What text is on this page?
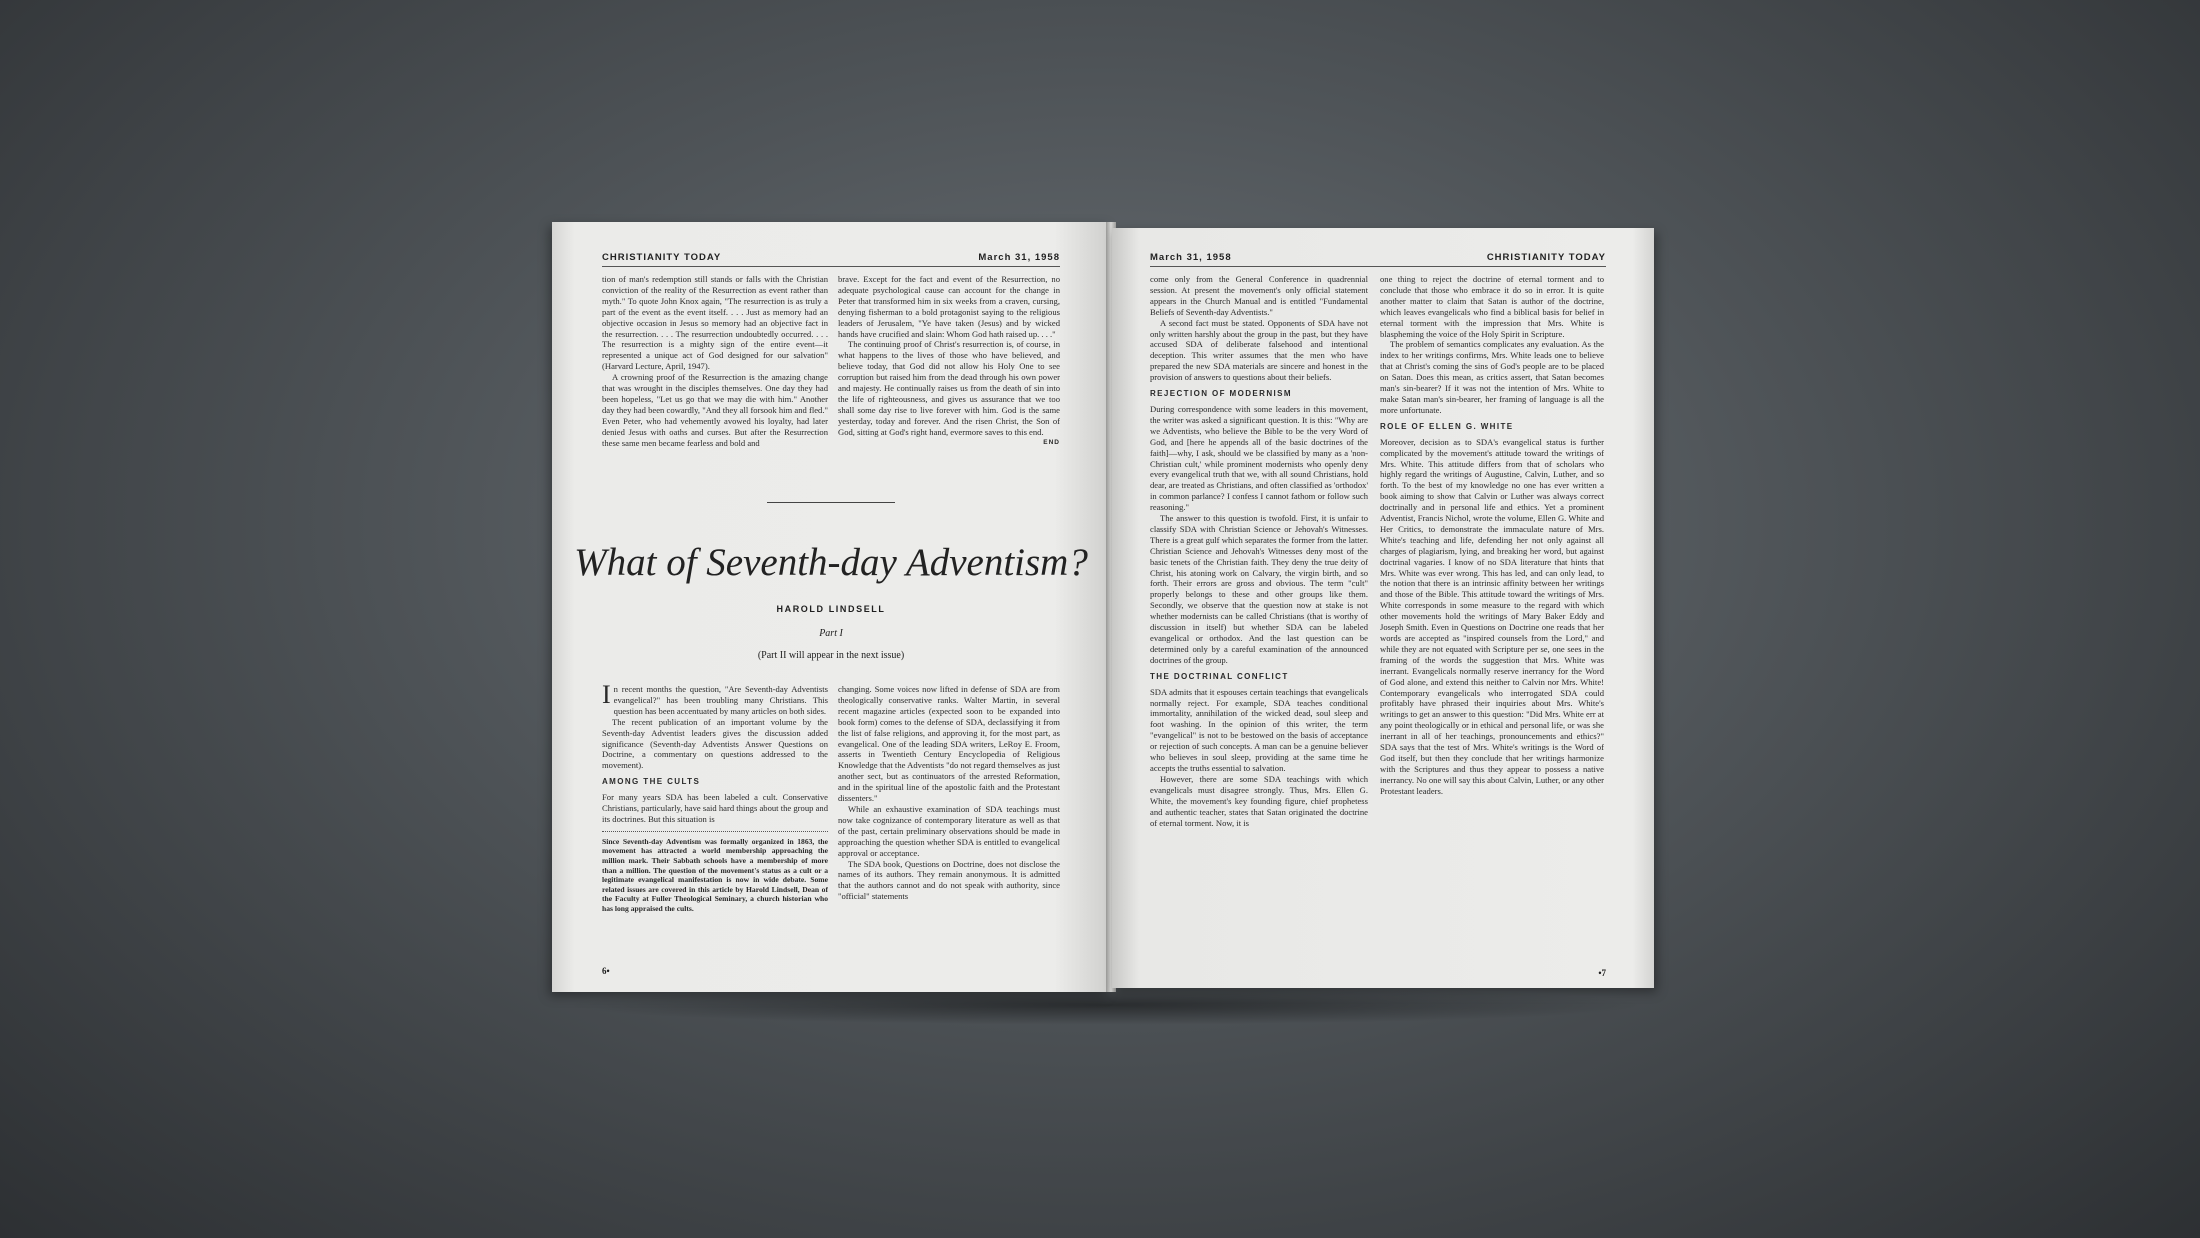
CHRISTIANITY TODAY	March 31, 1958

tion of man's redemption still stands or falls with the Christian conviction of the reality of the Resurrection as event rather than myth." To quote John Knox again, "The resurrection is as truly a part of the event as the event itself. . . . Just as memory had an objective occasion in Jesus so memory had an objective fact in the resurrection. . . . The resurrection undoubtedly occurred. . . . The resurrection is a mighty sign of the entire event—it represented a unique act of God designed for our salvation" (Harvard Lecture, April, 1947).

A crowning proof of the Resurrection is the amazing change that was wrought in the disciples themselves. One day they had been hopeless, "Let us go that we may die with him." Another day they had been cowardly, "And they all forsook him and fled." Even Peter, who had vehemently avowed his loyalty, had later denied Jesus with oaths and curses. But after the Resurrection these same men became fearless and bold and

brave. Except for the fact and event of the Resurrection, no adequate psychological cause can account for the change in Peter that transformed him in six weeks from a craven, cursing, denying fisherman to a bold protagonist saying to the religious leaders of Jerusalem, "Ye have taken (Jesus) and by wicked hands have crucified and slain: Whom God hath raised up. . . ."

The continuing proof of Christ's resurrection is, of course, in what happens to the lives of those who have believed, and believe today, that God did not allow his Holy One to see corruption but raised him from the dead through his own power and majesty. He continually raises us from the death of sin into the life of righteousness, and gives us assurance that we too shall some day rise to live forever with him. God is the same yesterday, today and forever. And the risen Christ, the Son of God, sitting at God's right hand, evermore saves to this end.

END
What of Seventh-day Adventism?
HAROLD LINDSELL
Part I
(Part II will appear in the next issue)

In recent months the question, "Are Seventh-day Adventists evangelical?" has been troubling many Christians. This question has been accentuated by many articles on both sides.

The recent publication of an important volume by the Seventh-day Adventist leaders gives the discussion added significance (Seventh-day Adventists Answer Questions on Doctrine, a commentary on questions addressed to the movement).

AMONG THE CULTS

For many years SDA has been labeled a cult. Conservative Christians, particularly, have said hard things about the group and its doctrines. But this situation is

Since Seventh-day Adventism was formally organized in 1863, the movement has attracted a world membership approaching the million mark. Their Sabbath schools have a membership of more than a million. The question of the movement's status as a cult or a legitimate evangelical manifestation is now in wide debate. Some related issues are covered in this article by Harold Lindsell, Dean of the Faculty at Fuller Theological Seminary, a church historian who has long appraised the cults.

changing. Some voices now lifted in defense of SDA are from theologically conservative ranks. Walter Martin, in several recent magazine articles (expected soon to be expanded into book form) comes to the defense of SDA, declassifying it from the list of false religions, and approving it, for the most part, as evangelical. One of the leading SDA writers, LeRoy E. Froom, asserts in Twentieth Century Encyclopedia of Religious Knowledge that the Adventists "do not regard themselves as just another sect, but as continuators of the arrested Reformation, and in the spiritual line of the apostolic faith and the Protestant dissenters."

While an exhaustive examination of SDA teachings must now take cognizance of contemporary literature as well as that of the past, certain preliminary observations should be made in approaching the question whether SDA is entitled to evangelical approval or acceptance.

The SDA book, Questions on Doctrine, does not disclose the names of its authors. They remain anonymous. It is admitted that the authors cannot and do not speak with authority, since "official" statements

6•
March 31, 1958	CHRISTIANITY TODAY

come only from the General Conference in quadrennial session. At present the movement's only official statement appears in the Church Manual and is entitled "Fundamental Beliefs of Seventh-day Adventists."

A second fact must be stated. Opponents of SDA have not only written harshly about the group in the past, but they have accused SDA of deliberate falsehood and intentional deception. This writer assumes that the men who have prepared the new SDA materials are sincere and honest in the provision of answers to questions about their beliefs.

REJECTION OF MODERNISM

During correspondence with some leaders in this movement, the writer was asked a significant question. It is this: "Why are we Adventists, who believe the Bible to be the very Word of God, and [here he appends all of the basic doctrines of the faith]—why, I ask, should we be classified by many as a 'non-Christian cult,' while prominent modernists who openly deny every evangelical truth that we, with all sound Christians, hold dear, are treated as Christians, and often classified as 'orthodox' in common parlance? I confess I cannot fathom or follow such reasoning."

The answer to this question is twofold. First, it is unfair to classify SDA with Christian Science or Jehovah's Witnesses. There is a great gulf which separates the former from the latter. Christian Science and Jehovah's Witnesses deny most of the basic tenets of the Christian faith. They deny the true deity of Christ, his atoning work on Calvary, the virgin birth, and so forth. Their errors are gross and obvious. The term "cult" properly belongs to these and other groups like them. Secondly, we observe that the question now at stake is not whether modernists can be called Christians (that is worthy of discussion in itself) but whether SDA can be labeled evangelical or orthodox. And the last question can be determined only by a careful examination of the announced doctrines of the group.

THE DOCTRINAL CONFLICT

SDA admits that it espouses certain teachings that evangelicals normally reject. For example, SDA teaches conditional immortality, annihilation of the wicked dead, soul sleep and foot washing. In the opinion of this writer, the term "evangelical" is not to be bestowed on the basis of acceptance or rejection of such concepts. A man can be a genuine believer who believes in soul sleep, providing at the same time he accepts the truths essential to salvation.

However, there are some SDA teachings with which evangelicals must disagree strongly. Thus, Mrs. Ellen G. White, the movement's key founding figure, chief prophetess and authentic teacher, states that Satan originated the doctrine of eternal torment. Now, it is

one thing to reject the doctrine of eternal torment and to conclude that those who embrace it do so in error. It is quite another matter to claim that Satan is author of the doctrine, which leaves evangelicals who find a biblical basis for belief in eternal torment with the impression that Mrs. White is blaspheming the voice of the Holy Spirit in Scripture.

The problem of semantics complicates any evaluation. As the index to her writings confirms, Mrs. White leads one to believe that at Christ's coming the sins of God's people are to be placed on Satan. Does this mean, as critics assert, that Satan becomes man's sin-bearer? If it was not the intention of Mrs. White to make Satan man's sin-bearer, her framing of language is all the more unfortunate.

ROLE OF ELLEN G. WHITE

Moreover, decision as to SDA's evangelical status is further complicated by the movement's attitude toward the writings of Mrs. White. This attitude differs from that of scholars who highly regard the writings of Augustine, Calvin, Luther, and so forth. To the best of my knowledge no one has ever written a book aiming to show that Calvin or Luther was always correct doctrinally and in personal life and ethics. Yet a prominent Adventist, Francis Nichol, wrote the volume, Ellen G. White and Her Critics, to demonstrate the immaculate nature of Mrs. White's teaching and life, defending her not only against all charges of plagiarism, lying, and breaking her word, but against doctrinal vagaries. I know of no SDA literature that hints that Mrs. White was ever wrong. This has led, and can only lead, to the notion that there is an intrinsic affinity between her writings and those of the Bible. This attitude toward the writings of Mrs. White corresponds in some measure to the regard with which other movements hold the writings of Mary Baker Eddy and Joseph Smith. Even in Questions on Doctrine one reads that her words are accepted as "inspired counsels from the Lord," and while they are not equated with Scripture per se, one sees in the framing of the words the suggestion that Mrs. White was inerrant. Evangelicals normally reserve inerrancy for the Word of God alone, and extend this neither to Calvin nor Mrs. White! Contemporary evangelicals who interrogated SDA could profitably have phrased their inquiries about Mrs. White's writings to get an answer to this question: "Did Mrs. White err at any point theologically or in ethical and personal life, or was she inerrant in all of her teachings, pronouncements and ethics?" SDA says that the test of Mrs. White's writings is the Word of God itself, but then they conclude that her writings harmonize with the Scriptures and thus they appear to possess a native inerrancy. No one will say this about Calvin, Luther, or any other Protestant leaders.

•7
